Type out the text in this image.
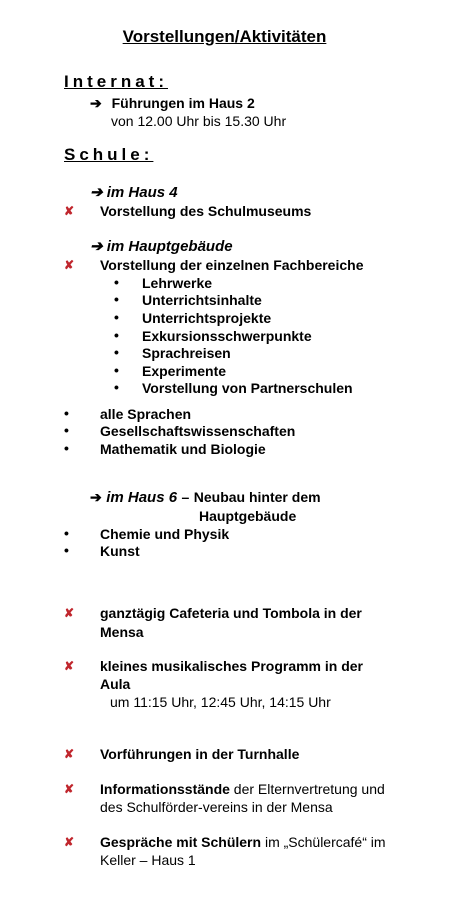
Vorstellungen/Aktivitäten
Internat:
➔ Führungen im Haus 2
von 12.00 Uhr bis 15.30 Uhr
Schule:
➔ im Haus 4
✘ Vorstellung des Schulmuseums
➔ im Hauptgebäude
✘ Vorstellung der einzelnen Fachbereiche
• Lehrwerke
• Unterrichtsinhalte
• Unterrichtsprojekte
• Exkursionsschwerpunkte
• Sprachreisen
• Experimente
• Vorstellung von Partnerschulen
• alle Sprachen
• Gesellschaftswissenschaften
• Mathematik und Biologie
➔ im Haus 6 – Neubau hinter dem
Hauptgebäude
• Chemie und Physik
• Kunst
✘ ganztägig Cafeteria und Tombola in der
Mensa
✘ kleines musikalisches Programm in der
Aula
um 11:15 Uhr, 12:45 Uhr, 14:15 Uhr
✘ Vorführungen in der Turnhalle
✘ Informationsstände der Elternvertretung und
des Schulförder-vereins in der Mensa
✘ Gespräche mit Schülern im „Schülercafé“ im
Keller – Haus 1
